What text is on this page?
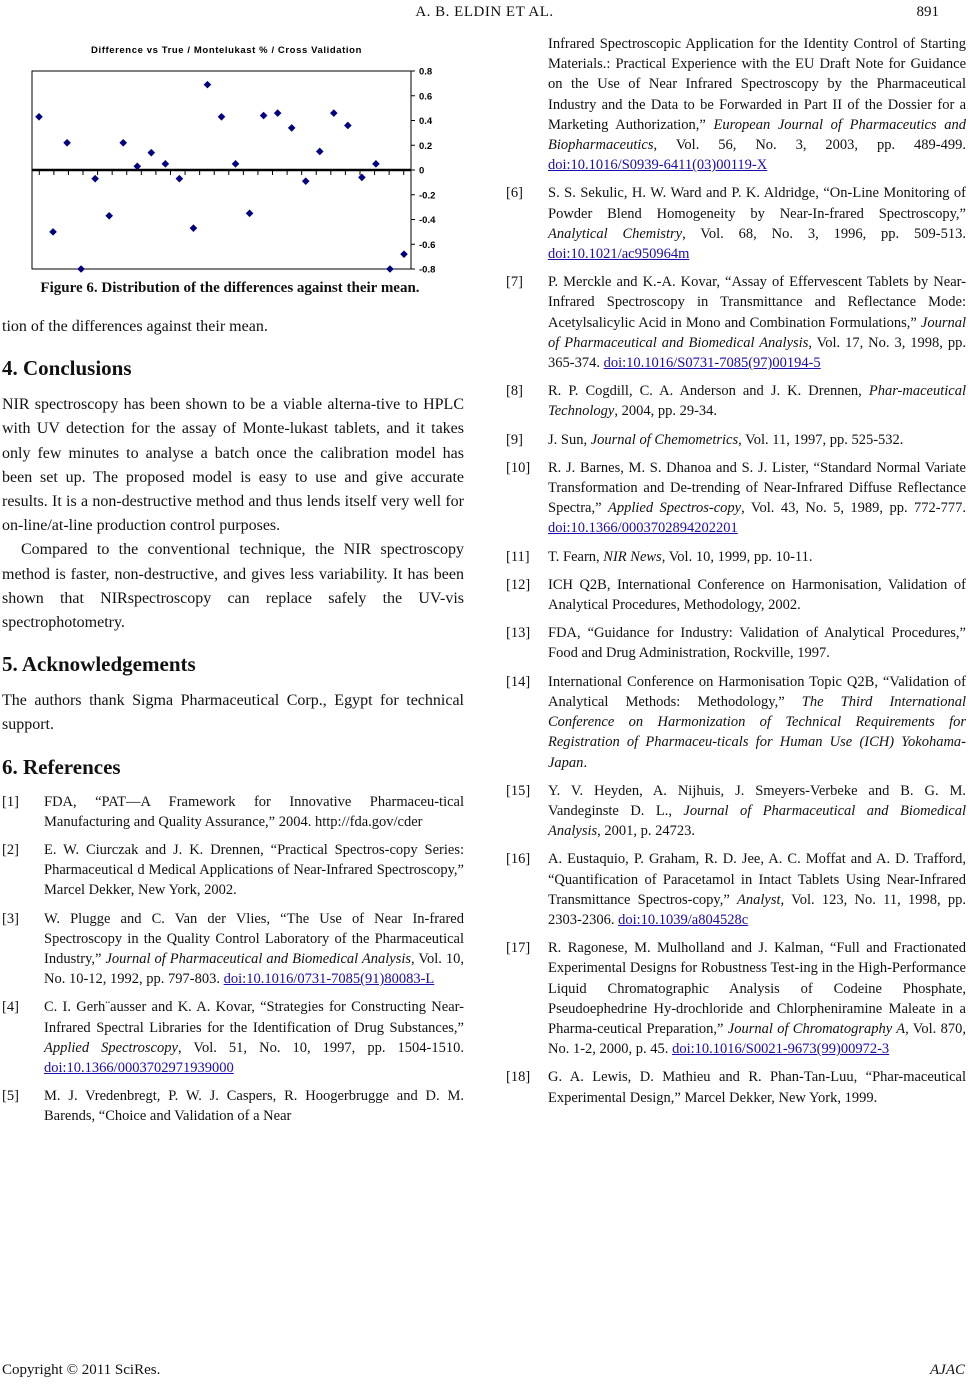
A. B. ELDIN ET AL.	891
Difference vs True / Montelukast % / Cross Validation
0.8
0.6
0.4
0.2
0
-0.2
-0.4
-0.6
-0.8
Figure 6. Distribution of the differences against their mean.

tion of the differences against their mean.

4. Conclusions

NIR spectroscopy has been shown to be a viable alterna-tive to HPLC with UV detection for the assay of Monte-lukast tablets, and it takes only few minutes to analyse a batch once the calibration model has been set up. The proposed model is easy to use and give accurate results. It is a non-destructive method and thus lends itself very well for on-line/at-line production control purposes.

Compared to the conventional technique, the NIR spectroscopy method is faster, non-destructive, and gives less variability. It has been shown that NIRspectroscopy can replace safely the UV-vis spectrophotometry.

5. Acknowledgements

The authors thank Sigma Pharmaceutical Corp., Egypt for technical support.

6. References
[1]	FDA, “PAT—A Framework for Innovative Pharmaceu-tical Manufacturing and Quality Assurance,” 2004. http://fda.gov/cder
[2]	E. W. Ciurczak and J. K. Drennen, “Practical Spectros-copy Series: Pharmaceutical d Medical Applications of Near-Infrared Spectroscopy,” Marcel Dekker, New York, 2002.
[3]	W. Plugge and C. Van der Vlies, “The Use of Near In-frared Spectroscopy in the Quality Control Laboratory of the Pharmaceutical Industry,” Journal of Pharmaceutical and Biomedical Analysis, Vol. 10, No. 10-12, 1992, pp. 797-803. doi:10.1016/0731-7085(91)80083-L
[4]	C. I. Gerh¨ausser and K. A. Kovar, “Strategies for Constructing Near-Infrared Spectral Libraries for the Identification of Drug Substances,” Applied Spectroscopy, Vol. 51, No. 10, 1997, pp. 1504-1510. doi:10.1366/0003702971939000
[5]	M. J. Vredenbregt, P. W. J. Caspers, R. Hoogerbrugge and D. M. Barends, “Choice and Validation of a Near
Infrared Spectroscopic Application for the Identity Control of Starting Materials.: Practical Experience with the EU Draft Note for Guidance on the Use of Near Infrared Spectroscopy by the Pharmaceutical Industry and the Data to be Forwarded in Part II of the Dossier for a Marketing Authorization,” European Journal of Pharmaceutics and Biopharmaceutics, Vol. 56, No. 3, 2003, pp. 489-499. doi:10.1016/S0939-6411(03)00119-X
[6]	S. S. Sekulic, H. W. Ward and P. K. Aldridge, “On-Line Monitoring of Powder Blend Homogeneity by Near-In-frared Spectroscopy,” Analytical Chemistry, Vol. 68, No. 3, 1996, pp. 509-513. doi:10.1021/ac950964m
[7]	P. Merckle and K.-A. Kovar, “Assay of Effervescent Tablets by Near-Infrared Spectroscopy in Transmittance and Reflectance Mode: Acetylsalicylic Acid in Mono and Combination Formulations,” Journal of Pharmaceutical and Biomedical Analysis, Vol. 17, No. 3, 1998, pp. 365-374. doi:10.1016/S0731-7085(97)00194-5
[8]	R. P. Cogdill, C. A. Anderson and J. K. Drennen, Phar-maceutical Technology, 2004, pp. 29-34.
[9]	J. Sun, Journal of Chemometrics, Vol. 11, 1997, pp. 525-532.
[10]	R. J. Barnes, M. S. Dhanoa and S. J. Lister, “Standard Normal Variate Transformation and De-trending of Near-Infrared Diffuse Reflectance Spectra,” Applied Spectros-copy, Vol. 43, No. 5, 1989, pp. 772-777. doi:10.1366/0003702894202201
[11]	T. Fearn, NIR News, Vol. 10, 1999, pp. 10-11.
[12]	ICH Q2B, International Conference on Harmonisation, Validation of Analytical Procedures, Methodology, 2002.
[13]	FDA, “Guidance for Industry: Validation of Analytical Procedures,” Food and Drug Administration, Rockville, 1997.
[14]	International Conference on Harmonisation Topic Q2B, “Validation of Analytical Methods: Methodology,” The Third International Conference on Harmonization of Technical Requirements for Registration of Pharmaceu-ticals for Human Use (ICH) Yokohama-Japan.
[15]	Y. V. Heyden, A. Nijhuis, J. Smeyers-Verbeke and B. G. M. Vandeginste D. L., Journal of Pharmaceutical and Biomedical Analysis, 2001, p. 24723.
[16]	A. Eustaquio, P. Graham, R. D. Jee, A. C. Moffat and A. D. Trafford, “Quantification of Paracetamol in Intact Tablets Using Near-Infrared Transmittance Spectros-copy,” Analyst, Vol. 123, No. 11, 1998, pp. 2303-2306. doi:10.1039/a804528c
[17]	R. Ragonese, M. Mulholland and J. Kalman, “Full and Fractionated Experimental Designs for Robustness Test-ing in the High-Performance Liquid Chromatographic Analysis of Codeine Phosphate, Pseudoephedrine Hy-drochloride and Chlorpheniramine Maleate in a Pharma-ceutical Preparation,” Journal of Chromatography A, Vol. 870, No. 1-2, 2000, p. 45. doi:10.1016/S0021-9673(99)00972-3
[18]	G. A. Lewis, D. Mathieu and R. Phan-Tan-Luu, “Phar-maceutical Experimental Design,” Marcel Dekker, New York, 1999.
Copyright © 2011 SciRes.	AJAC
